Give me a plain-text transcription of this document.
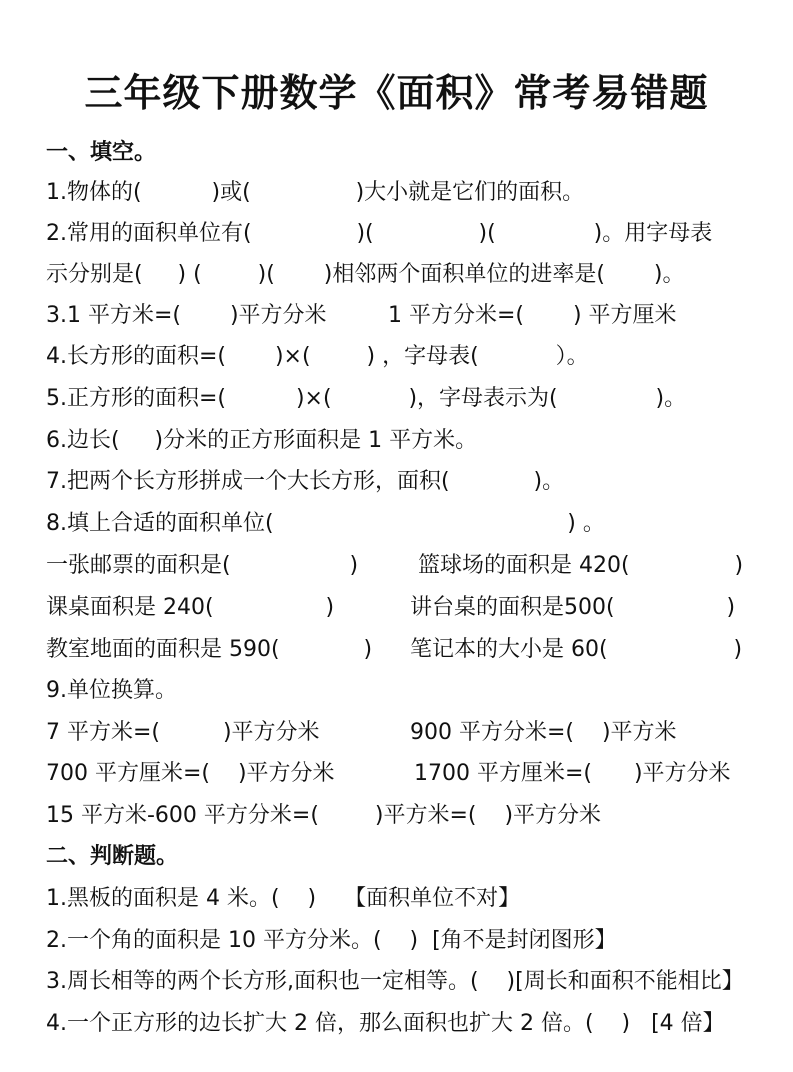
三年级下册数学《面积》常考易错题
一、填空。
1.物体的(          )或(               )大小就是它们的面积。
2.常用的面积单位有(               )(               )(              )。用字母表
示分别是(     ) (        )(       )相邻两个面积单位的进率是(       )。
3.1 平方米=(       )平方分米	1 平方分米=(       ) 平方厘米
4.长方形的面积=(       )×(        ) ，字母表(           ）。
5.正方形的面积=(          )×(           )，字母表示为(              )。
6.边长(     )分米的正方形面积是 1 平方米。
7.把两个长方形拼成一个大长方形，面积(            )。
8.填上合适的面积单位(                                          ) 。
一张邮票的面积是(                 )	篮球场的面积是 420(               )
课桌面积是 240(                )	讲台桌的面积是500(                )
教室地面的面积是 590(            ) 笔记本的大小是 60(                  )
9.单位换算。
7 平方米=(         )平方分米	900 平方分米=(    )平方米
700 平方厘米=(    )平方分米	1700 平方厘米=(      )平方分米
15 平方米-600 平方分米=(        )平方米=(    )平方分米
二、判断题。
1.黑板的面积是 4 米。(    )    【面积单位不对】
2.一个角的面积是 10 平方分米。(    )  [角不是封闭图形】
3.周长相等的两个长方形,面积也一定相等。(    )[周长和面积不能相比】
4.一个正方形的边长扩大 2 倍，那么面积也扩大 2 倍。(    )   [4 倍】
